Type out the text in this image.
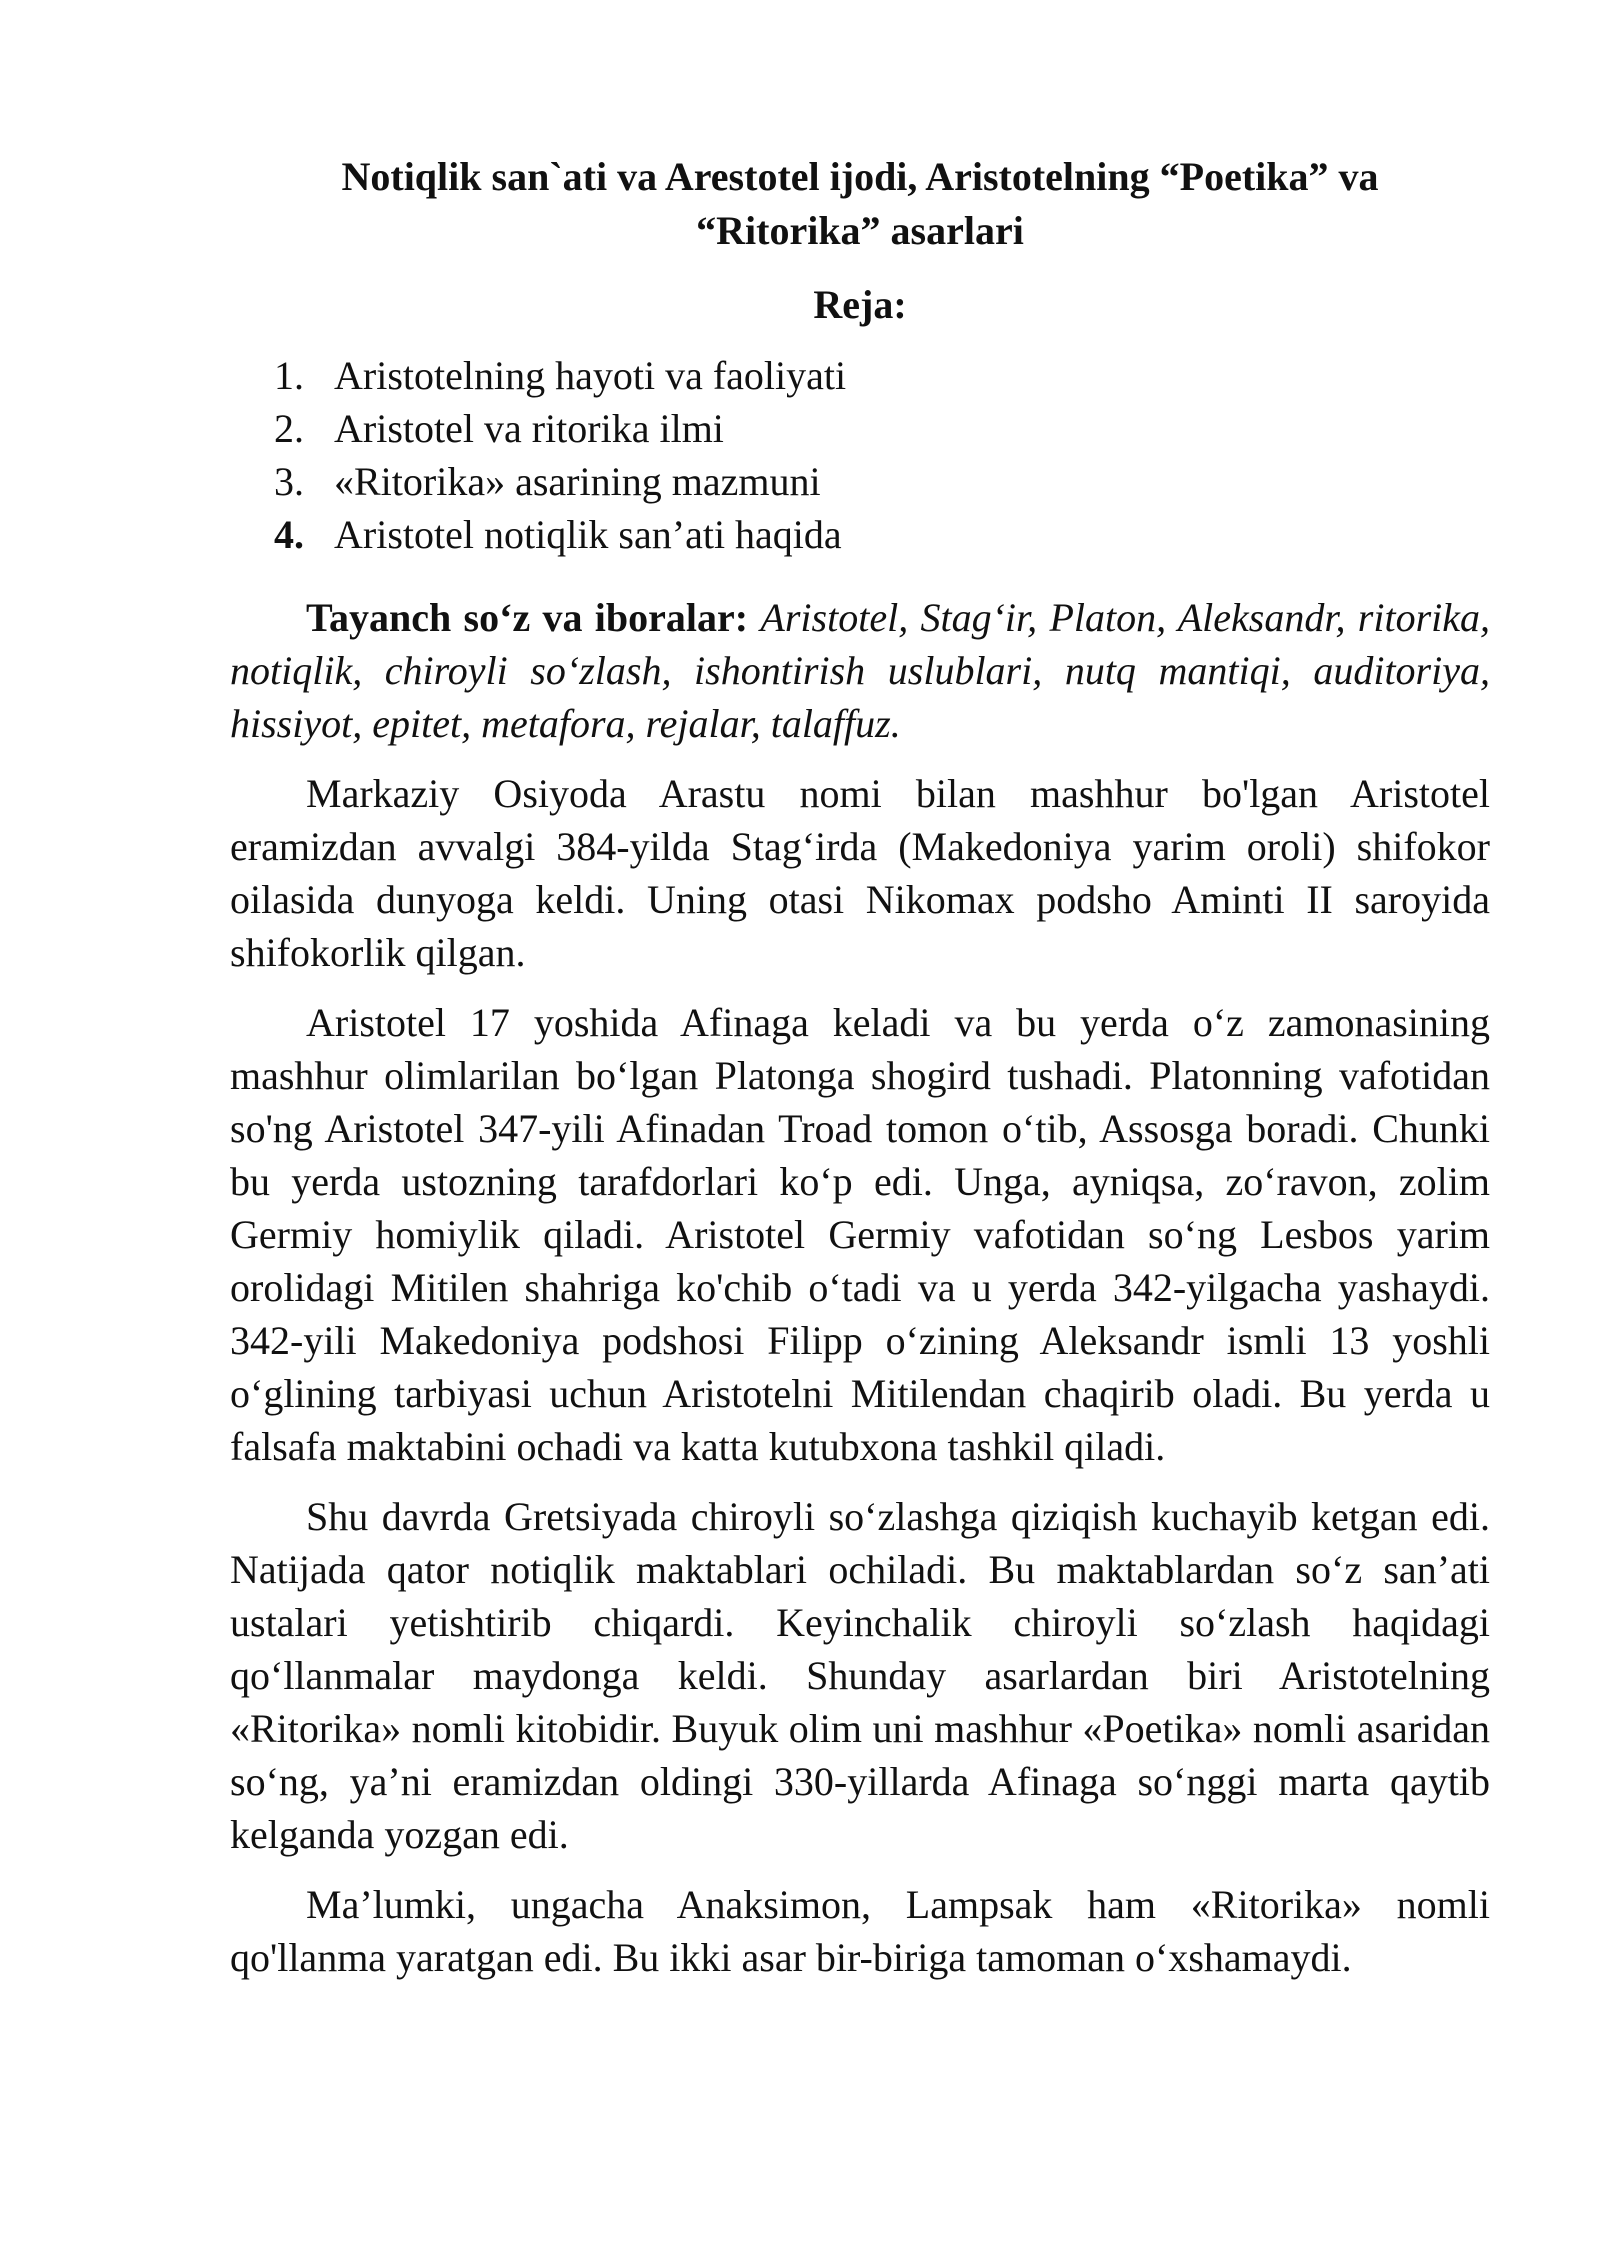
Notiqlik san`ati va Arestotel ijodi, Aristotelning “Poetika” va
“Ritorika” asarlari
Reja:
1. Aristotelning hayoti va faoliyati
2. Aristotel va ritorika ilmi
3. «Ritorika» asarining mazmuni
4. Aristotel notiqlik san’ati haqida

Tayanch so‘z va iboralar: Aristotel, Stag‘ir, Platon, Aleksandr, ritorika, notiqlik, chiroyli so‘zlash, ishontirish uslublari, nutq mantiqi, auditoriya, hissiyot, epitet, metafora, rejalar, talaffuz.

Markaziy Osiyoda Arastu nomi bilan mashhur bo'lgan Aristotel eramizdan avvalgi 384-yilda Stag‘irda (Makedoniya yarim oroli) shifokor oilasida dunyoga keldi. Uning otasi Nikomax podsho Aminti II saroyida shifokorlik qilgan.

Aristotel 17 yoshida Afinaga keladi va bu yerda o‘z zamonasining mashhur olimlarilan bo‘lgan Platonga shogird tushadi. Platonning vafotidan so'ng Aristotel 347-yili Afinadan Troad tomon o‘tib, Assosga boradi. Chunki bu yerda ustozning tarafdorlari ko‘p edi. Unga, ayniqsa, zo‘ravon, zolim Germiy homiylik qiladi. Aristotel Germiy vafotidan so‘ng Lesbos yarim orolidagi Mitilen shahriga ko'chib o‘tadi va u yerda 342-yilgacha yashaydi. 342-yili Makedoniya podshosi Filipp o‘zining Aleksandr ismli 13 yoshli o‘glining tarbiyasi uchun Aristotelni Mitilendan chaqirib oladi. Bu yerda u falsafa maktabini ochadi va katta kutubxona tashkil qiladi.

Shu davrda Gretsiyada chiroyli so‘zlashga qiziqish kuchayib ketgan edi. Natijada qator notiqlik maktablari ochiladi. Bu maktablardan so‘z san’ati ustalari yetishtirib chiqardi. Keyinchalik chiroyli so‘zlash haqidagi qo‘llanmalar maydonga keldi. Shunday asarlardan biri Aristotelning «Ritorika» nomli kitobidir. Buyuk olim uni mashhur «Poetika» nomli asaridan so‘ng, ya’ni eramizdan oldingi 330-yillarda Afinaga so‘nggi marta qaytib kelganda yozgan edi.

Ma’lumki, ungacha Anaksimon, Lampsak ham «Ritorika» nomli qo'llanma yaratgan edi. Bu ikki asar bir-biriga tamoman o‘xshamaydi.
